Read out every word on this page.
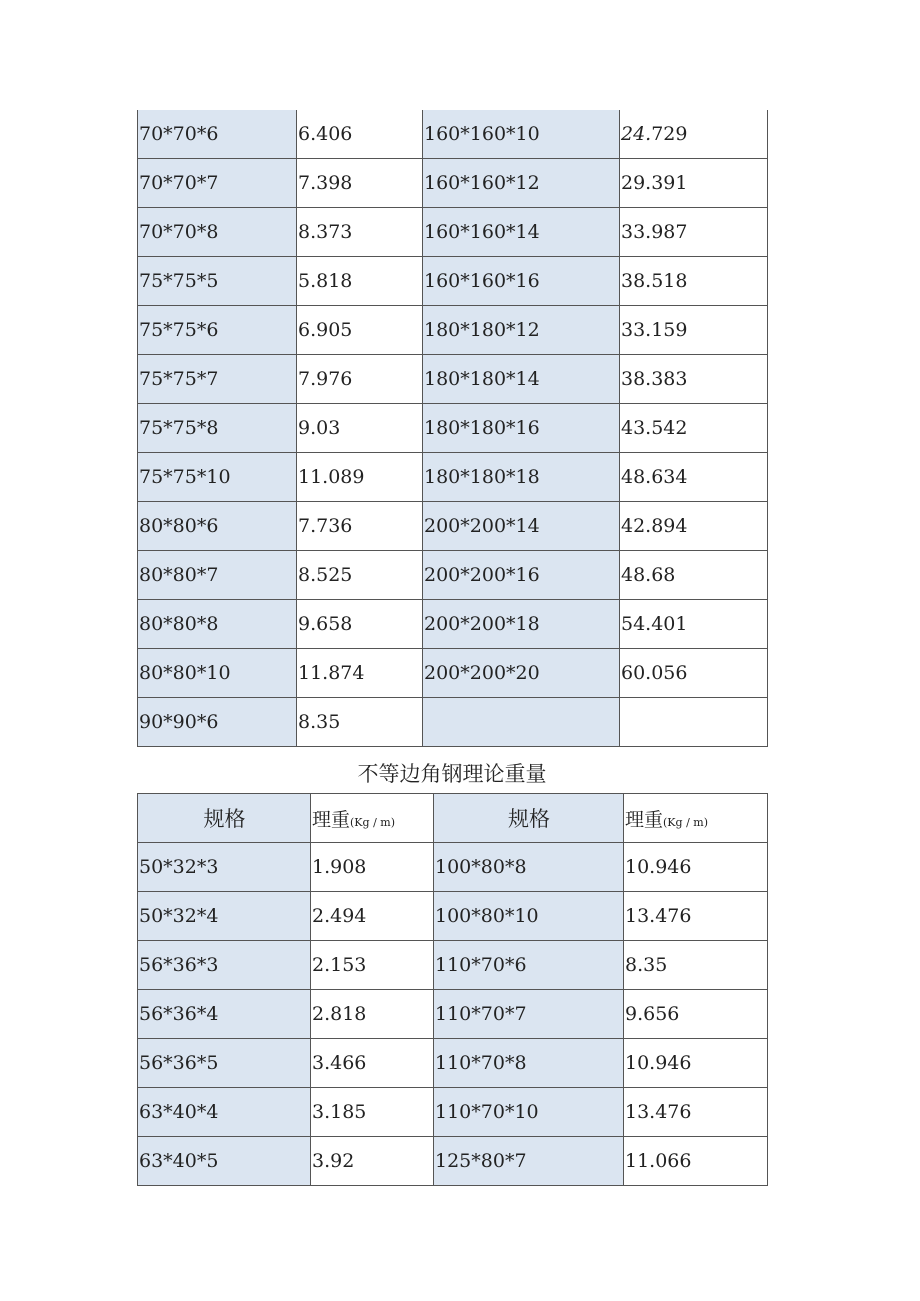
70*70*6	6.406	160*160*10	24.729
70*70*7	7.398	160*160*12	29.391
70*70*8	8.373	160*160*14	33.987
75*75*5	5.818	160*160*16	38.518
75*75*6	6.905	180*180*12	33.159
75*75*7	7.976	180*180*14	38.383
75*75*8	9.03	180*180*16	43.542
75*75*10	11.089	180*180*18	48.634
80*80*6	7.736	200*200*14	42.894
80*80*7	8.525	200*200*16	48.68
80*80*8	9.658	200*200*18	54.401
80*80*10	11.874	200*200*20	60.056
90*90*6	8.35		
不等边角钢理论重量
规格	理重(Kg / m)	规格	理重(Kg / m)
50*32*3	1.908	100*80*8	10.946
50*32*4	2.494	100*80*10	13.476
56*36*3	2.153	110*70*6	8.35
56*36*4	2.818	110*70*7	9.656
56*36*5	3.466	110*70*8	10.946
63*40*4	3.185	110*70*10	13.476
63*40*5	3.92	125*80*7	11.066
